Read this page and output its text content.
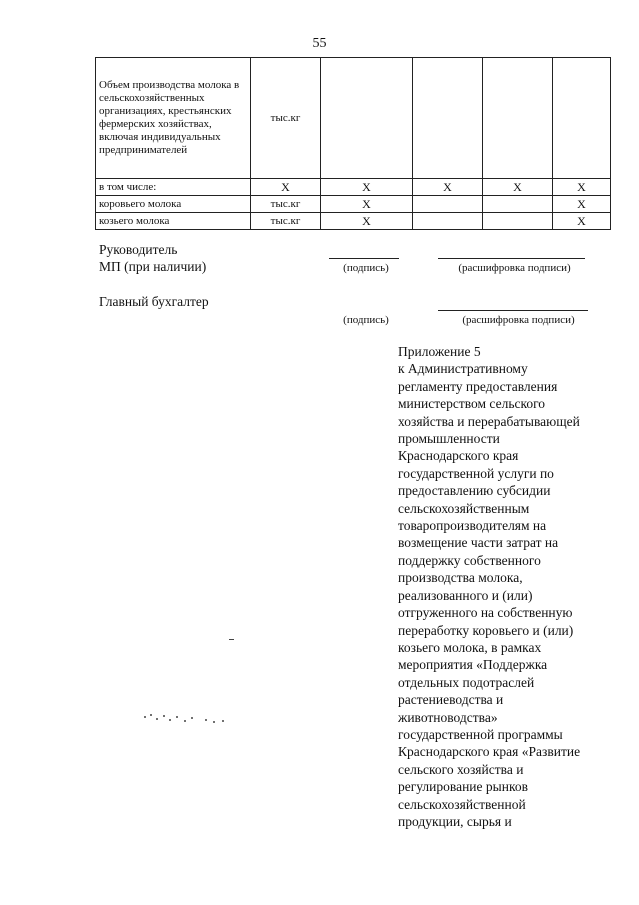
55
Объем производства молока в сельскохозяйственных организациях, крестьянских фермерских хозяйствах, включая индивидуальных предпринимателей	тыс.кг				
в том числе:	X	X	X	X	X
коровьего молока	тыс.кг	X			X
козьего молока	тыс.кг	X			X
Руководитель
МП (при наличии)	(подпись)	(расшифровка подписи)
Главный бухгалтер
(подпись)	(расшифровка подписи)
Приложение 5
к Административному
регламенту предоставления
министерством сельского
хозяйства и перерабатывающей
промышленности
Краснодарского края
государственной услуги по
предоставлению субсидии
сельскохозяйственным
товаропроизводителям на
возмещение части затрат на
поддержку собственного
производства молока,
реализованного и (или)
отгруженного на собственную
переработку коровьего и (или)
козьего молока, в рамках
мероприятия «Поддержка
отдельных подотраслей
растениеводства и
животноводства»
государственной программы
Краснодарского края «Развитие
сельского хозяйства и
регулирование рынков
сельскохозяйственной
продукции, сырья и
